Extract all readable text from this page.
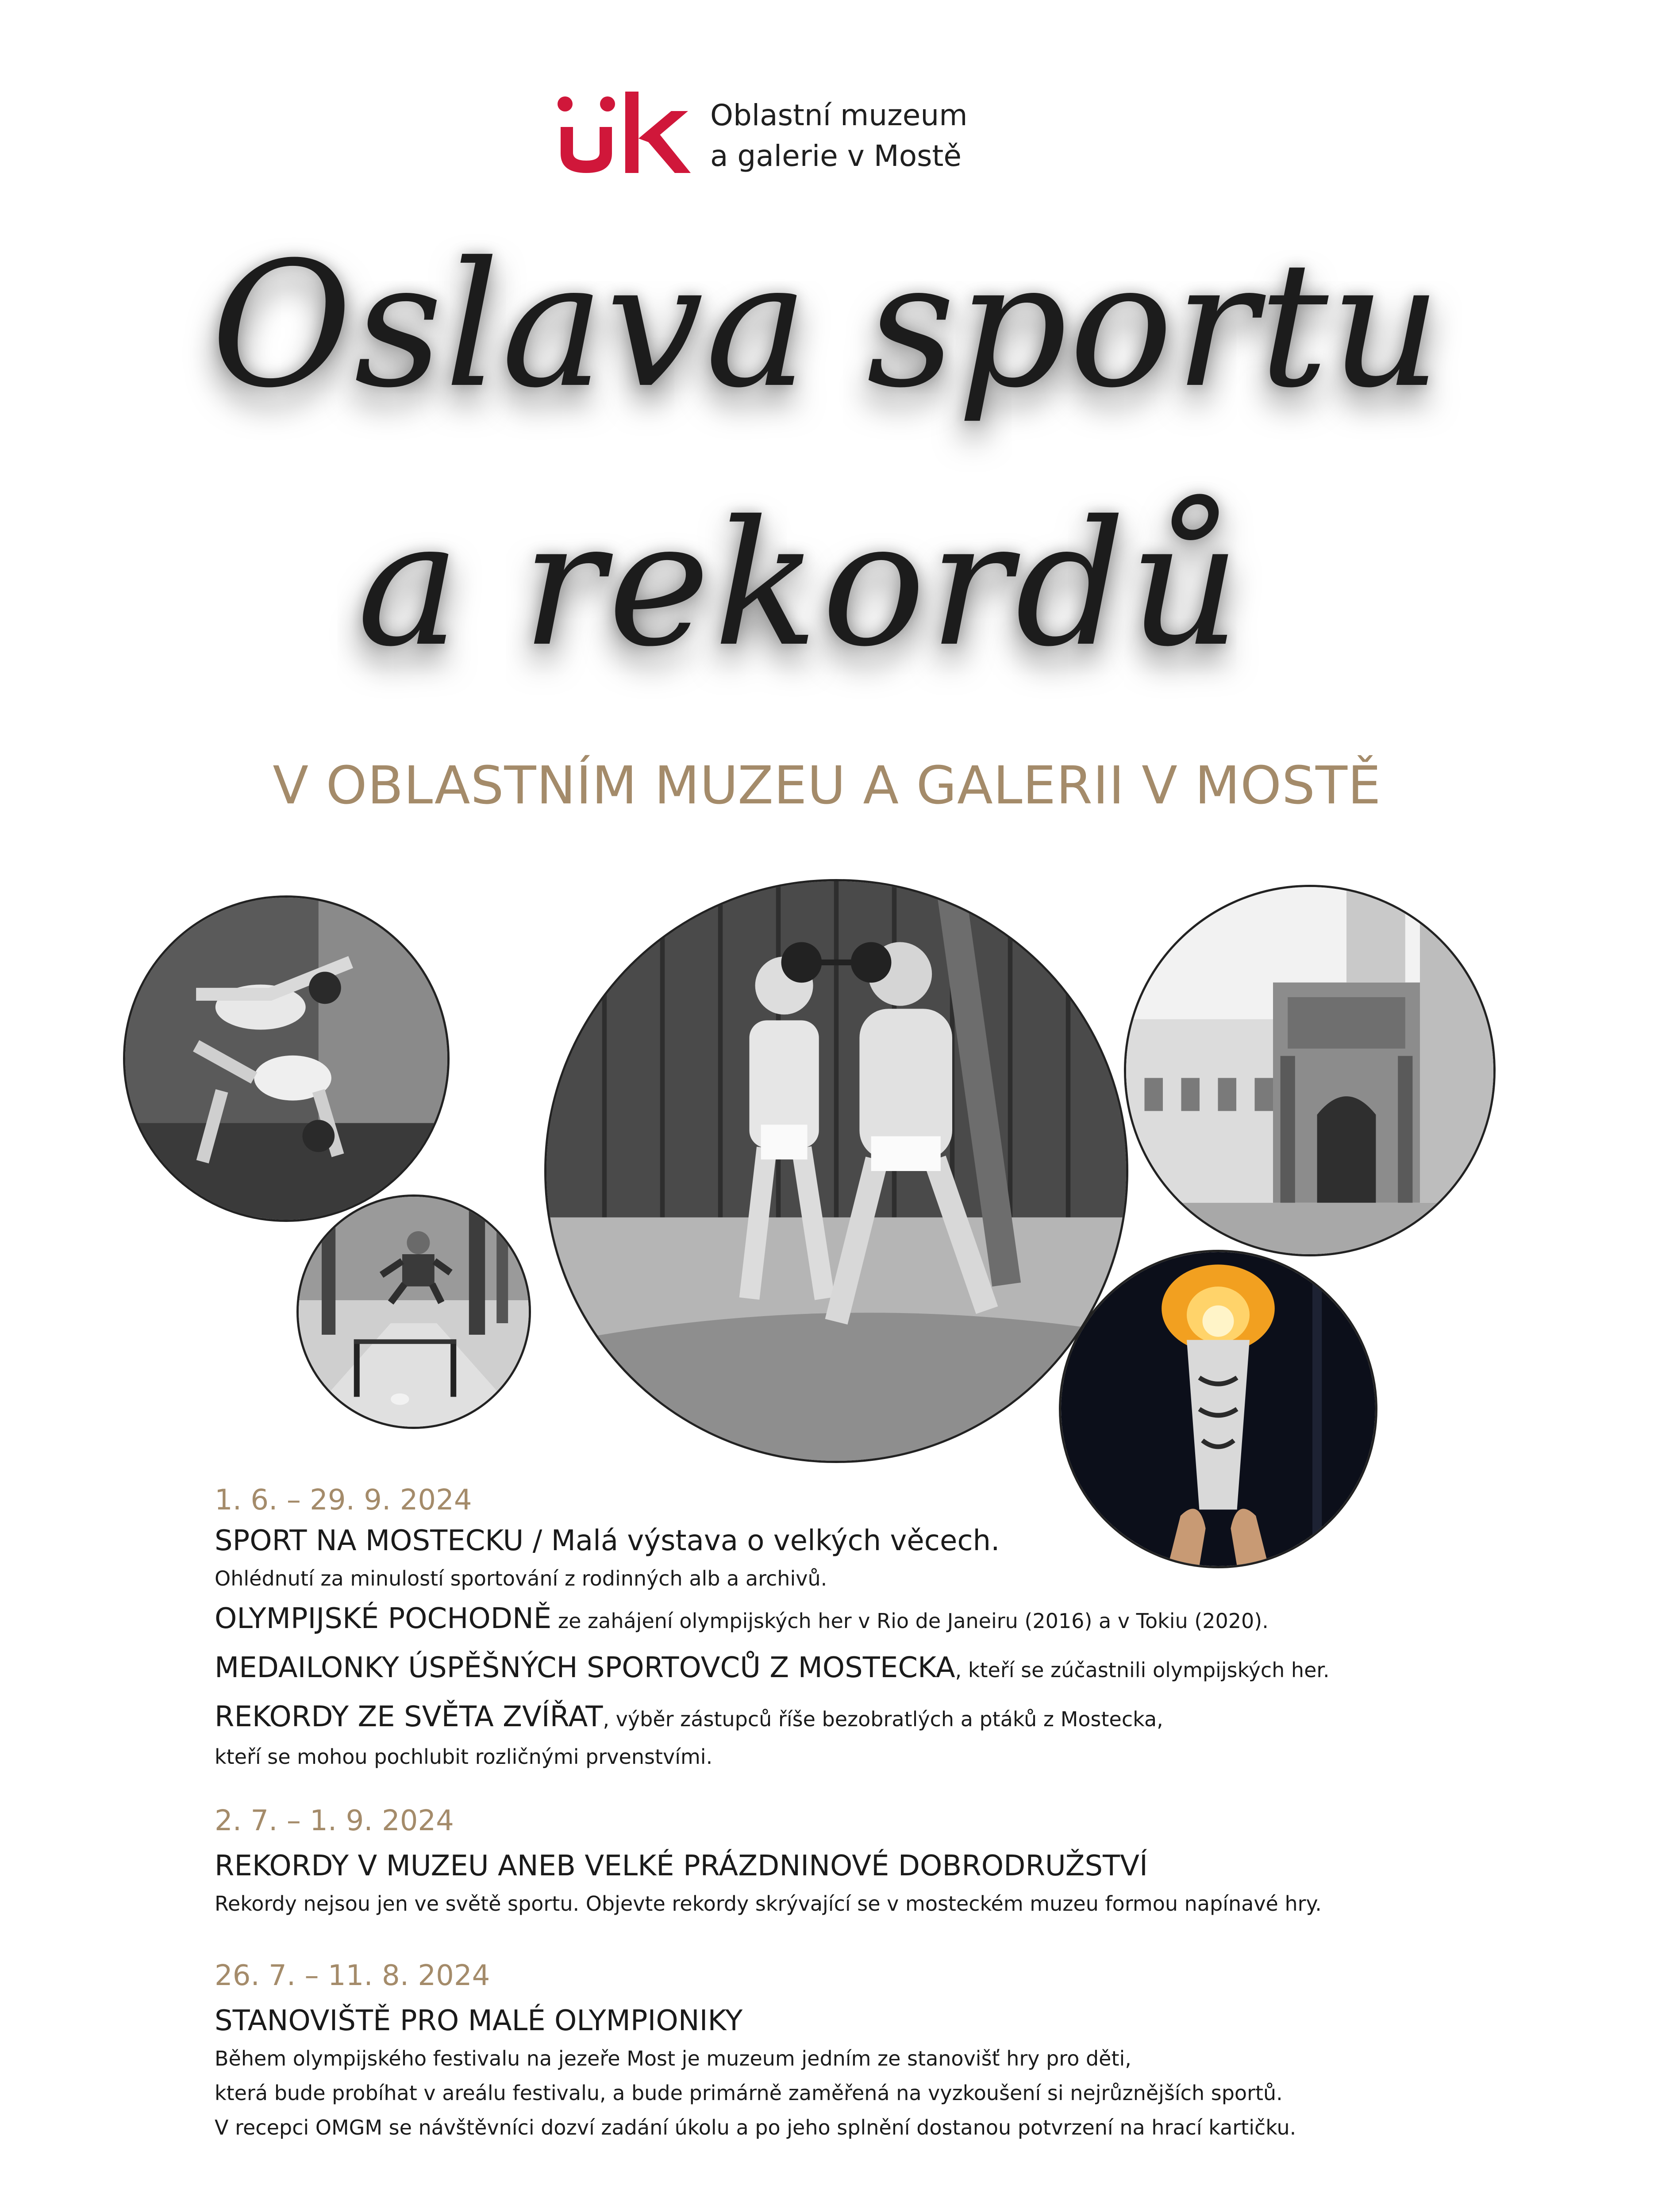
Oblastní muzeum
a galerie v Mostě
Oslava sportu
a rekordů
V OBLASTNÍM MUZEU A GALERII V MOSTĚ
1. 6. – 29. 9. 2024
SPORT NA MOSTECKU / Malá výstava o velkých věcech.
Ohlédnutí za minulostí sportování z rodinných alb a archivů.
OLYMPIJSKÉ POCHODNĚ ze zahájení olympijských her v Rio de Janeiru (2016) a v Tokiu (2020).
MEDAILONKY ÚSPĚŠNÝCH SPORTOVCŮ Z MOSTECKA, kteří se zúčastnili olympijských her.
REKORDY ZE SVĚTA ZVÍŘAT, výběr zástupců říše bezobratlých a ptáků z Mostecka,
kteří se mohou pochlubit rozličnými prvenstvími.
2. 7. – 1. 9. 2024
REKORDY V MUZEU ANEB VELKÉ PRÁZDNINOVÉ DOBRODRUŽSTVÍ
Rekordy nejsou jen ve světě sportu. Objevte rekordy skrývající se v mosteckém muzeu formou napínavé hry.
26. 7. – 11. 8. 2024
STANOVIŠTĚ PRO MALÉ OLYMPIONIKY
Během olympijského festivalu na jezeře Most je muzeum jedním ze stanovišť hry pro děti,
která bude probíhat v areálu festivalu, a bude primárně zaměřená na vyzkoušení si nejrůznějších sportů.
V recepci OMGM se návštěvníci dozví zadání úkolu a po jeho splnění dostanou potvrzení na hrací kartičku.
